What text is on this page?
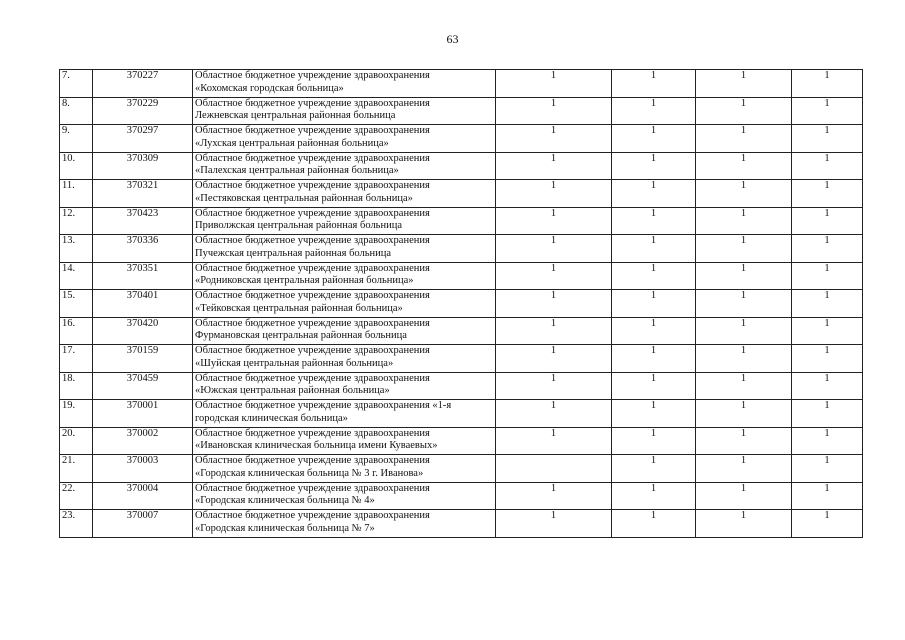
63
7.	370227	Областное бюджетное учреждение здравоохранения
«Кохомская городская больница»	1	1	1	1
8.	370229	Областное бюджетное учреждение здравоохранения
Лежневская центральная районная больница	1	1	1	1
9.	370297	Областное бюджетное учреждение здравоохранения
«Лухская центральная районная больница»	1	1	1	1
10.	370309	Областное бюджетное учреждение здравоохранения
«Палехская центральная районная больница»	1	1	1	1
11.	370321	Областное бюджетное учреждение здравоохранения
«Пестяковская центральная районная больница»	1	1	1	1
12.	370423	Областное бюджетное учреждение здравоохранения
Приволжская центральная районная больница	1	1	1	1
13.	370336	Областное бюджетное учреждение здравоохранения
Пучежская центральная районная больница	1	1	1	1
14.	370351	Областное бюджетное учреждение здравоохранения
«Родниковская центральная районная больница»	1	1	1	1
15.	370401	Областное бюджетное учреждение здравоохранения
«Тейковская центральная районная больница»	1	1	1	1
16.	370420	Областное бюджетное учреждение здравоохранения
Фурмановская центральная районная больница	1	1	1	1
17.	370159	Областное бюджетное учреждение здравоохранения
«Шуйская центральная районная больница»	1	1	1	1
18.	370459	Областное бюджетное учреждение здравоохранения
«Южская центральная районная больница»	1	1	1	1
19.	370001	Областное бюджетное учреждение здравоохранения «1-я
городская клиническая больница»	1	1	1	1
20.	370002	Областное бюджетное учреждение здравоохранения
«Ивановская клиническая больница имени Куваевых»	1	1	1	1
21.	370003	Областное бюджетное учреждение здравоохранения
«Городская клиническая больница № 3 г. Иванова»		1	1	1
22.	370004	Областное бюджетное учреждение здравоохранения
«Городская клиническая больница № 4»	1	1	1	1
23.	370007	Областное бюджетное учреждение здравоохранения
«Городская клиническая больница № 7»	1	1	1	1
